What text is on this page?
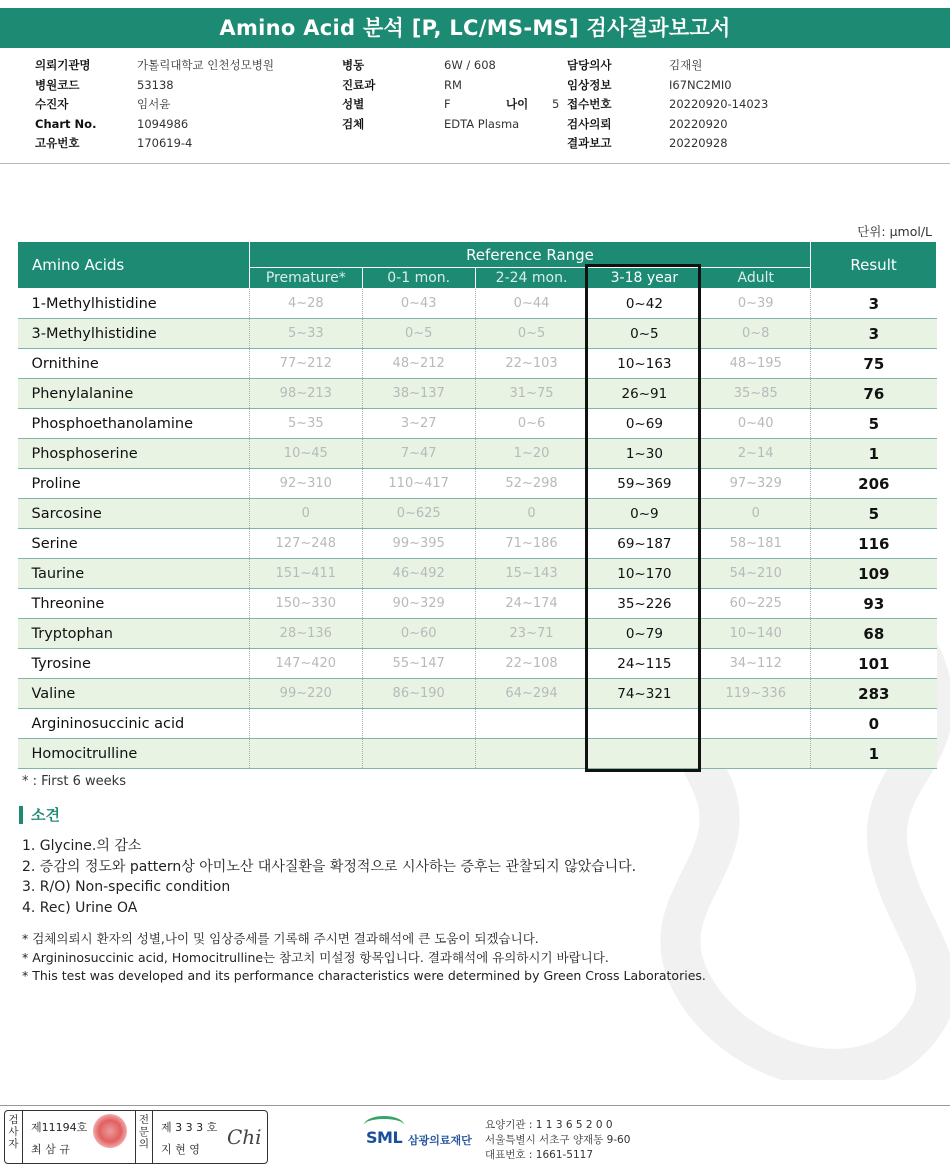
Amino Acid 분석 [P, LC/MS-MS] 검사결과보고서
의뢰기관명	가톨릭대학교 인천성모병원
병원코드	53138
수진자	임서윤
Chart No.	1094986
고유번호	170619-4
병동	6W / 608
진료과	RM
성별	F	나이 5
검체	EDTA Plasma
담당의사	김재원
임상정보	I67NC2MI0
접수번호	20220920-14023
검사의뢰	20220920
결과보고	20220928
단위: μmol/L
Amino Acids	Reference Range					Result
	Premature*	0-1 mon.	2-24 mon.	3-18 year	Adult	
1-Methylhistidine	4~28	0~43	0~44	0~42	0~39	3
3-Methylhistidine	5~33	0~5	0~5	0~5	0~8	3
Ornithine	77~212	48~212	22~103	10~163	48~195	75
Phenylalanine	98~213	38~137	31~75	26~91	35~85	76
Phosphoethanolamine	5~35	3~27	0~6	0~69	0~40	5
Phosphoserine	10~45	7~47	1~20	1~30	2~14	1
Proline	92~310	110~417	52~298	59~369	97~329	206
Sarcosine	0	0~625	0	0~9	0	5
Serine	127~248	99~395	71~186	69~187	58~181	116
Taurine	151~411	46~492	15~143	10~170	54~210	109
Threonine	150~330	90~329	24~174	35~226	60~225	93
Tryptophan	28~136	0~60	23~71	0~79	10~140	68
Tyrosine	147~420	55~147	22~108	24~115	34~112	101
Valine	99~220	86~190	64~294	74~321	119~336	283
Argininosuccinic acid						0
Homocitrulline						1
* : First 6 weeks
소견
1. Glycine.의 감소
2. 증감의 정도와 pattern상 아미노산 대사질환을 확정적으로 시사하는 증후는 관찰되지 않았습니다.
3. R/O) Non-specific condition
4. Rec) Urine OA
* 검체의뢰시 환자의 성별,나이 및 임상증세를 기록해 주시면 결과해석에 큰 도움이 되겠습니다.
* Argininosuccinic acid, Homocitrulline는 참고치 미설정 항목입니다. 결과해석에 유의하시기 바랍니다.
* This test was developed and its performance characteristics were determined by Green Cross Laboratories.
검사자
제11194호
최 삼 규
전문의
제 3 3 3 호
지 현 영
Chi	SML 삼광의료재단
요양기관 : 1 1 3 6 5 2 0 0
서울특별시 서초구 양재동 9-60
대표번호 : 1661-5117
